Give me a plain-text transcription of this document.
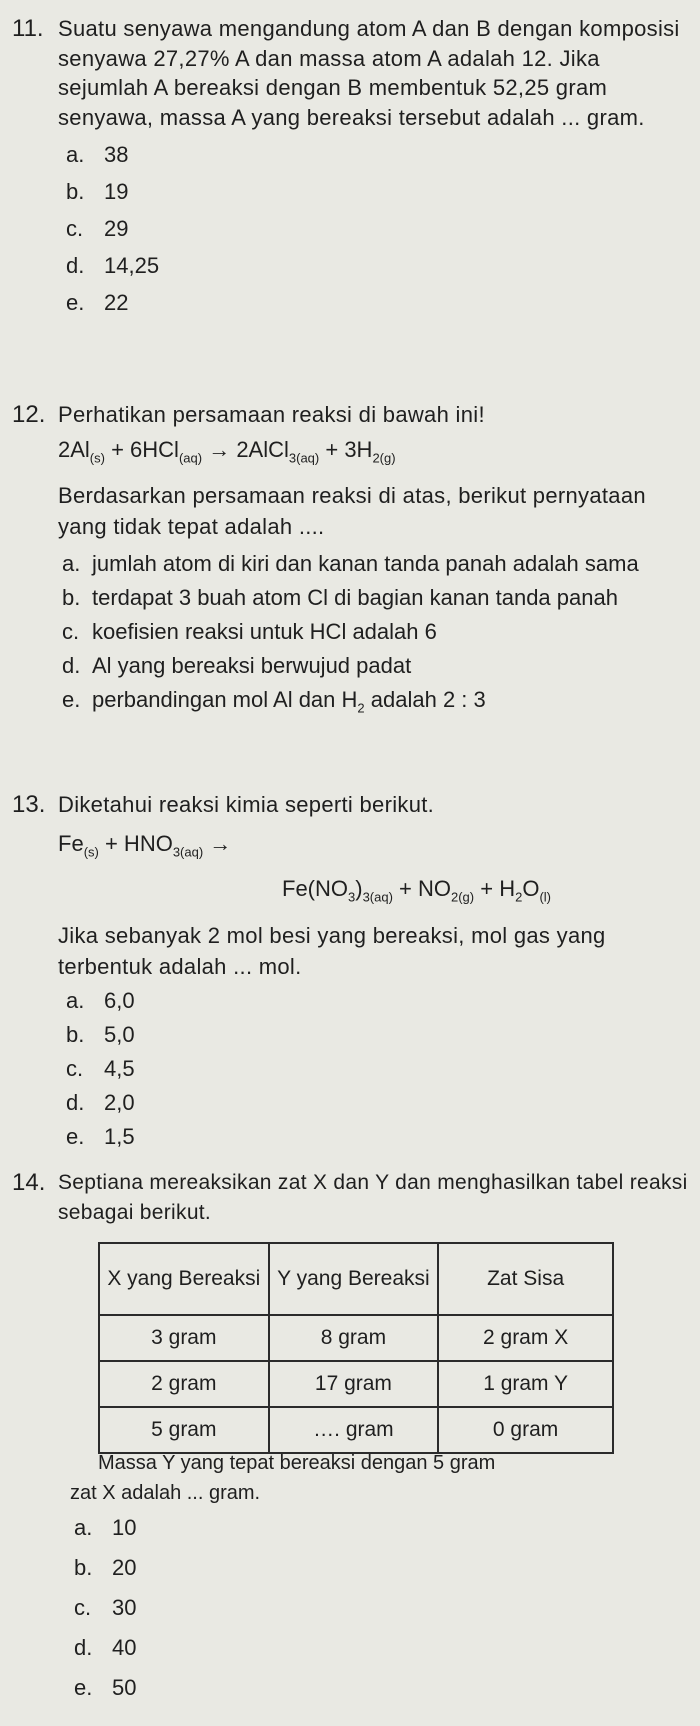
11. Suatu senyawa mengandung atom A dan B dengan komposisi senyawa 27,27% A dan massa atom A adalah 12. Jika sejumlah A bereaksi dengan B membentuk 52,25 gram senyawa, massa A yang bereaksi tersebut adalah ... gram.
a. 38
b. 19
c. 29
d. 14,25
e. 22
12. Perhatikan persamaan reaksi di bawah ini!
$2Al_{(s)} + 6HCl_{(aq)}$ → 2AlCl$_{3(aq)}$ + $3H_{2(g)}$
Berdasarkan persamaan reaksi di atas, berikut pernyataan yang tidak tepat adalah ....
a. jumlah atom di kiri dan kanan tanda panah adalah sama
b. terdapat 3 buah atom Cl di bagian kanan tanda panah
c. koefisien reaksi untuk HCl adalah 6
d. Al yang bereaksi berwujud padat
e. perbandingan mol Al dan $H_2$ adalah 2 : 3
13. Diketahui reaksi kimia seperti berikut.
$Fe_{(s)} + HNO_{3(aq)}$ →
$Fe(NO_3)_{3(aq)} + NO_{2(g)} + H_2O_{(l)}$
Jika sebanyak 2 mol besi yang bereaksi, mol gas yang terbentuk adalah ... mol.
a. 6,0
b. 5,0
c. 4,5
d. 2,0
e. 1,5
14. Septiana mereaksikan zat X dan Y dan menghasilkan tabel reaksi sebagai berikut.
X yang Bereaksi	Y yang Bereaksi	Zat Sisa
3 gram	8 gram	2 gram X
2 gram	17 gram	1 gram Y
5 gram	…. gram	0 gram
Massa Y yang tepat bereaksi dengan 5 gram
zat X adalah ... gram.
a. 10
b. 20
c. 30
d. 40
e. 50
